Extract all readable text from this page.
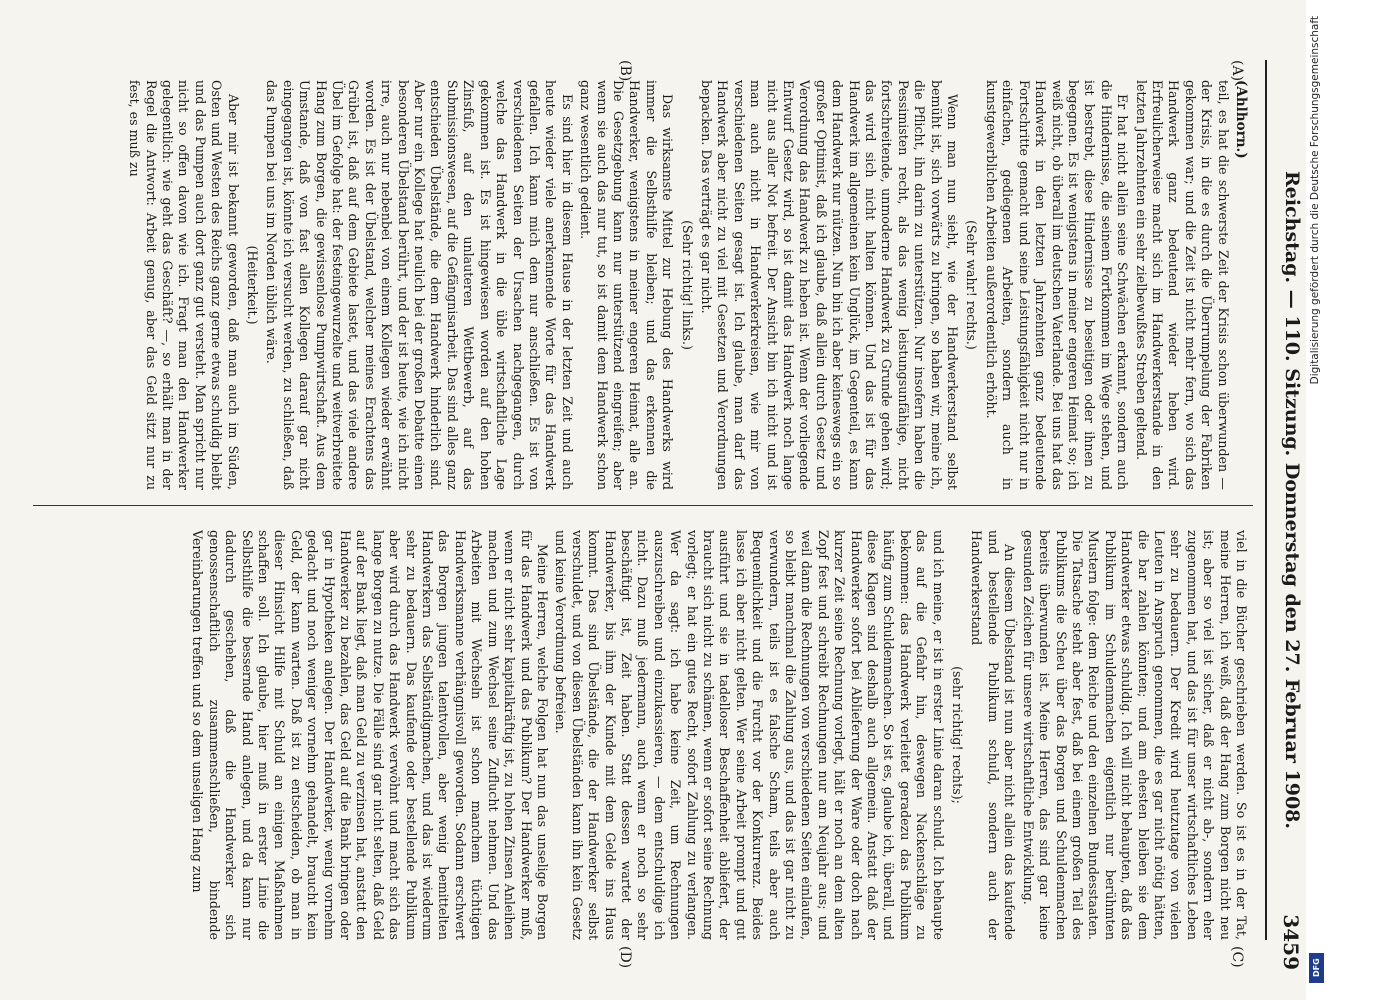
Reichstag. — 110. Sitzung. Donnerstag den 27. Februar 1908.
3459
(A)
(B)
(C)
(D)

(Ahlhorn.)

teil, es hat die schwerste Zeit der Krisis schon überwunden — der Krisis, in die es durch die Überrumpelung der Fabriken gekommen war; und die Zeit ist nicht mehr fern, wo sich das Handwerk ganz bedeutend wieder heben wird. Erfreulicherweise macht sich im Handwerkerstande in den letzten Jahrzehnten ein sehr zielbewußtes Streben geltend.

Er hat nicht allein seine Schwächen erkannt, sondern auch die Hindernisse, die seinem Fortkommen im Wege stehen, und ist bestrebt, diese Hindernisse zu beseitigen oder ihnen zu begegnen. Es ist wenigstens in meiner engeren Heimat so; ich weiß nicht, ob überall im deutschen Vaterlande. Bei uns hat das Handwerk in den letzten Jahrzehnten ganz bedeutende Fortschritte gemacht und seine Leistungsfähigkeit nicht nur in einfachen, gediegenen Arbeiten, sondern auch in kunstgewerblichen Arbeiten außerordentlich erhöht.

(Sehr wahr! rechts.)

Wenn man nun sieht, wie der Handwerkerstand selbst bemüht ist, sich vorwärts zu bringen, so haben wir, meine ich, die Pflicht, ihn darin zu unterstützen. Nur insofern haben die Pessimisten recht, als das wenig leistungsunfähige, nicht fortschreitende, unmoderne Handwerk zu Grunde gehen wird; das wird sich nicht halten können. Und das ist für das Handwerk im allgemeinen kein Unglück, im Gegenteil, es kann dem Handwerk nur nützen. Nun bin ich aber keineswegs ein so großer Optimist, daß ich glaube, daß allein durch Gesetz und Verordnung das Handwerk zu heben ist. Wenn der vorliegende Entwurf Gesetz wird, so ist damit das Handwerk noch lange nicht aus aller Not befreit. Der Ansicht bin ich nicht und ist man auch nicht in Handwerkerkreisen, wie mir von verschiedenen Seiten gesagt ist. Ich glaube, man darf das Handwerk aber nicht zu viel mit Gesetzen und Verordnungen bepacken. Das verträgt es gar nicht.

(Sehr richtig! links.)

Das wirksamste Mittel zur Hebung des Handwerks wird immer die Selbsthilfe bleiben; und das erkennen die Handwerker, wenigstens in meiner engeren Heimat, alle an. Die Gesetzgebung kann nur unterstützend eingreifen; aber wenn sie auch das nur tut, so ist damit dem Handwerk schon ganz wesentlich gedient.

Es sind hier in diesem Hause in der letzten Zeit und auch heute wieder viele anerkennende Worte für das Handwerk gefallen. Ich kann mich dem nur anschließen. Es ist von verschiedenen Seiten der Ursachen nachgegangen, durch welche das Handwerk in die üble wirtschaftliche Lage gekommen ist. Es ist hingewiesen worden auf den hohen Zinsfuß, auf den unlauteren Wettbewerb, auf das Submissionswesen, auf die Gefängnisarbeit. Das sind alles ganz entschieden Übelstände, die dem Handwerk hinderlich sind. Aber nur ein Kollege hat neulich bei der großen Debatte einen besonderen Übelstand berührt, und der ist heute, wie ich nicht irre, auch nur nebenbei von einem Kollegen wieder erwähnt worden. Es ist der Übelstand, welcher meines Erachtens das Grübel ist, daß auf dem Gebiete lastet, und das viele andere Übel im Gefolge hat: der festeingewurzelte und weitverbreitete Hang zum Borgen, die gewissenlose Pumpwirtschaft. Aus dem Umstande, daß von fast allen Kollegen darauf gar nicht eingegangen ist, könnte ich versucht werden, zu schließen, daß das Pumpen bei uns im Norden üblich wäre.

(Heiterkeit.)

Aber mir ist bekannt geworden, daß man auch im Süden, Osten und Westen des Reichs ganz gerne etwas schuldig bleibt und das Pumpen auch dort ganz gut versteht. Man spricht nur nicht so offen davon wie ich. Fragt man den Handwerker gelegentlich: wie geht das Geschäft? —, so erhält man in der Regel die Antwort: Arbeit genug, aber das Geld sitzt nur zu fest, es muß zu

viel in die Bücher geschrieben werden. So ist es in der Tat, meine Herren, ich weiß, daß der Hang zum Borgen nicht neu ist; aber so viel ist sicher, daß er nicht ab-, sondern eher zugenommen hat, und das ist für unser wirtschaftliches Leben sehr zu bedauern. Der Kredit wird heutzutage von vielen Leuten in Anspruch genommen, die es gar nicht nötig hätten, die bar zahlen könnten; und am ehesten bleiben sie dem Handwerker etwas schuldig. Ich will nicht behaupten, daß das Publikum im Schuldenmachen eigentlich nur berühmten Mustern folge: dem Reiche und den einzelnen Bundesstaaten. Die Tatsache steht aber fest, daß bei einem großen Teil des Publikums die Scheu über das Borgen und Schuldenmachen bereits überwunden ist. Meine Herren, das sind gar keine gesunden Zeichen für unsere wirtschaftliche Entwicklung.

An diesem Übelstand ist nun aber nicht allein das kaufende und bestellende Publikum schuld, sondern auch der Handwerkerstand

(sehr richtig! rechts);

und ich meine, er ist in erster Linie daran schuld. Ich behaupte das auf die Gefahr hin, deswegen Nackenschläge zu bekommen: das Handwerk verleitet geradezu das Publikum häufig zum Schuldenmachen. So ist es, glaube ich, überall, und diese Klagen sind deshalb auch allgemein. Anstatt daß der Handwerker sofort bei Ablieferung der Ware oder doch nach kurzer Zeit seine Rechnung vorlegt, hält er noch an dem alten Zopf fest und schreibt Rechnungen nur am Neujahr aus; und weil dann die Rechnungen von verschiedenen Seiten einlaufen, so bleibt manchmal die Zahlung aus, und das ist gar nicht zu verwundern, teils ist es falsche Scham, teils aber auch Bequemlichkeit und die Furcht vor der Konkurrenz. Beides lasse ich aber nicht gelten. Wer seine Arbeit prompt und gut ausführt und sie in tadelloser Beschaffenheit abliefert, der braucht sich nicht zu schämen, wenn er sofort seine Rechnung vorlegt; er hat ein gutes Recht, sofort Zahlung zu verlangen. Wer da sagt: ich habe keine Zeit, um Rechnungen auszuschreiben und einzukassieren, — dem entschuldige ich nicht. Dazu muß jedermann, auch wenn er noch so sehr beschäftigt ist, Zeit haben. Statt dessen wartet der Handwerker, bis ihm der Kunde mit dem Gelde ins Haus kommt. Das sind Übelstände, die der Handwerker selbst verschuldet, und von diesen Übelständen kann ihn kein Gesetz und keine Verordnung befreien.

Meine Herren, welche Folgen hat nun das unselige Borgen für das Handwerk und das Publikum? Der Handwerker muß, wenn er nicht sehr kapitalkräftig ist, zu hohen Zinsen Anleihen machen und zum Wechsel seine Zuflucht nehmen. Und das Arbeiten mit Wechseln ist schon manchem tüchtigen Handwerksmanne verhängnisvoll geworden. Sodann erschwert das Borgen jungen talentvollen, aber wenig bemittelten Handwerkern das Selbständigmachen, und das ist wiederum sehr zu bedauern. Das kaufende oder bestellende Publikum aber wird durch das Handwerk verwöhnt und macht sich das lange Borgen zu nutze. Die Fälle sind gar nicht selten, daß Geld auf der Bank liegt, daß man Geld zu verzinsen hat, anstatt den Handwerker zu bezahlen, das Geld auf die Bank bringen oder gar in Hypotheken anlegen. Der Handwerker, wenig vornehm gedacht und noch weniger vornehm gehandelt, braucht kein Geld, der kann warten. Daß ist zu entscheiden, ob man in dieser Hinsicht Hilfe mit Schuld an einigen Maßnahmen schaffen soll. Ich glaube, hier muß in erster Linie die Selbsthilfe die bessernde Hand anlegen, und da kann nur dadurch geschehen, daß die Handwerker sich genossenschaftlich zusammenschließen, bindende Vereinbarungen treffen und so dem unseligen Hang zum

Digitalisierung gefördert durch die Deutsche Forschungsgemeinschaft
DFG
